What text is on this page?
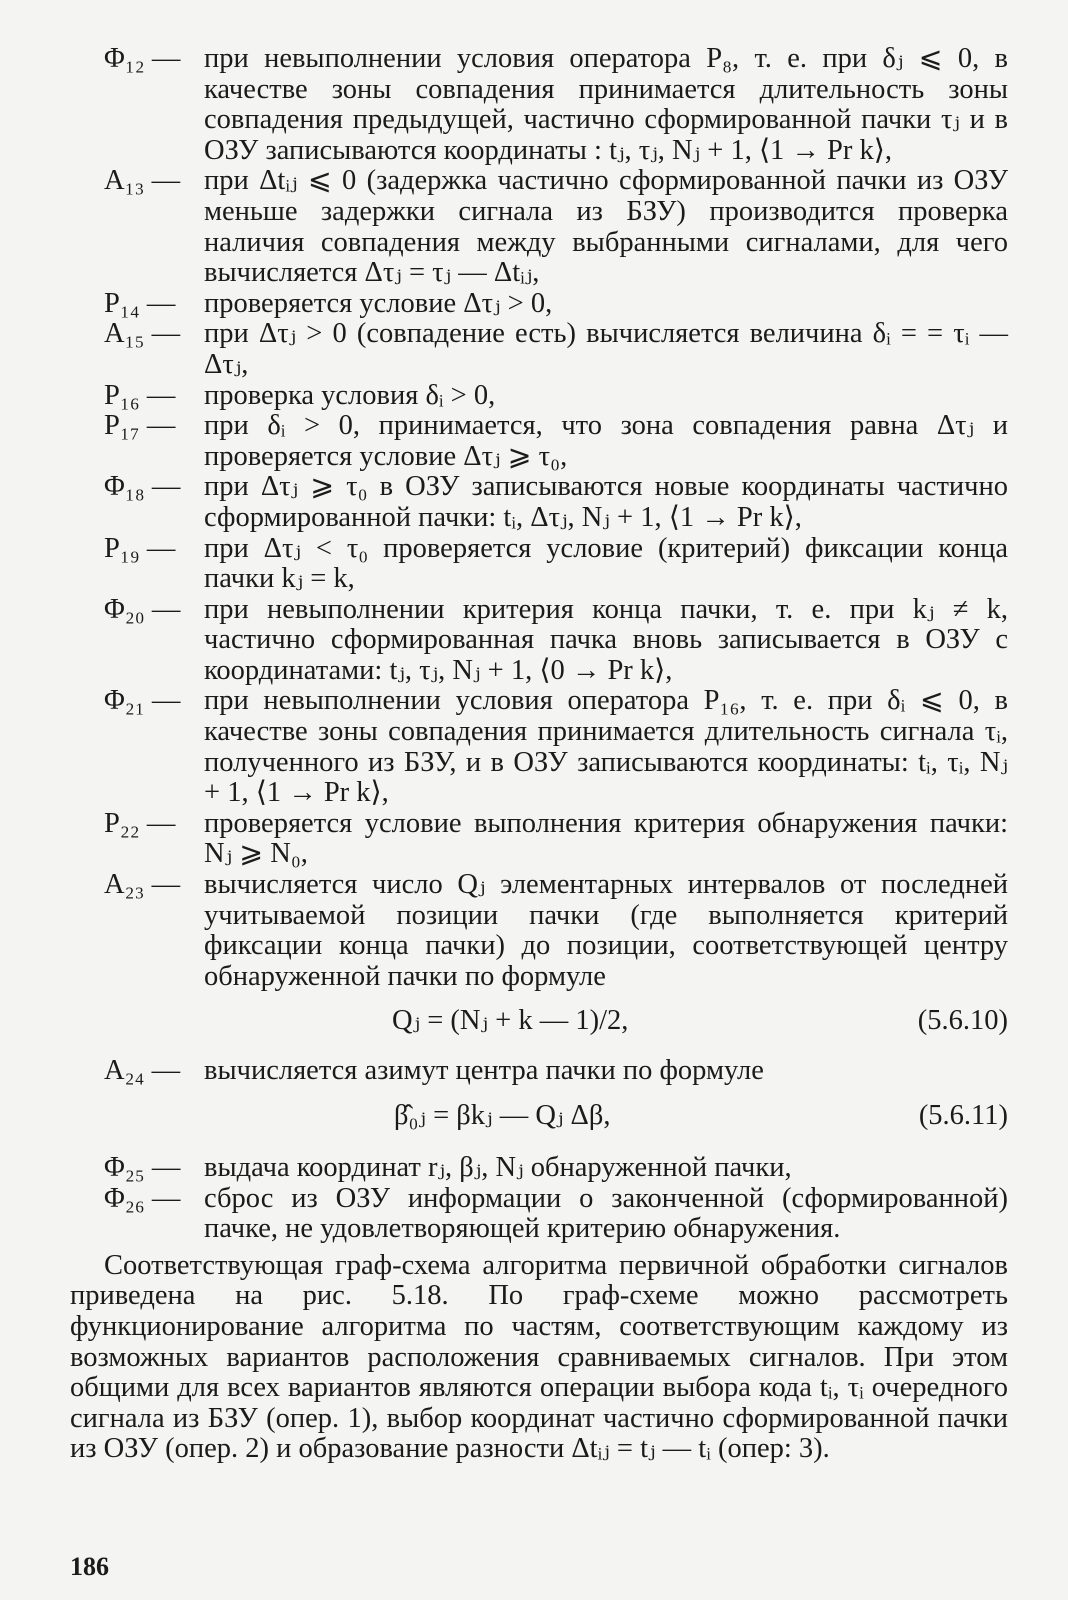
Φ₁₂ — при невыполнении условия оператора P₈, т. е. при δⱼ ⩽ 0, в качестве зоны совпадения принимается длительность зоны совпадения предыдущей, частично сформированной пачки τⱼ и в ОЗУ записываются координаты : tⱼ, τⱼ, Nⱼ + 1, ⟨1 → Pr k⟩,
A₁₃ — при Δtᵢⱼ ⩽ 0 (задержка частично сформированной пачки из ОЗУ меньше задержки сигнала из БЗУ) производится проверка наличия совпадения между выбранными сигналами, для чего вычисляется Δτⱼ = τⱼ — Δtᵢⱼ,
P₁₄ —	проверяется условие Δτⱼ > 0,
A₁₅ — при Δτⱼ > 0 (совпадение есть) вычисляется величина δᵢ = = τᵢ — Δτⱼ,
P₁₆ —	проверка условия δᵢ > 0,
P₁₇ —	при δᵢ > 0, принимается, что зона совпадения равна Δτⱼ и проверяется условие Δτⱼ ⩾ τ₀,
Φ₁₈ — при Δτⱼ ⩾ τ₀ в ОЗУ записываются новые координаты частично сформированной пачки: tᵢ, Δτⱼ, Nⱼ + 1, ⟨1 → Pr k⟩,
P₁₉ —	при Δτⱼ < τ₀ проверяется условие (критерий) фиксации конца пачки kⱼ = k,
Φ₂₀ — при невыполнении критерия конца пачки, т. е. при kⱼ ≠ k, частично сформированная пачка вновь записывается в ОЗУ с координатами: tⱼ, τⱼ, Nⱼ + 1, ⟨0 → Pr k⟩,
Φ₂₁ — при невыполнении условия оператора P₁₆, т. е. при δᵢ ⩽ 0, в качестве зоны совпадения принимается длительность сигнала τᵢ, полученного из БЗУ, и в ОЗУ записываются координаты: tᵢ, τᵢ, Nⱼ + 1, ⟨1 → Pr k⟩,
P₂₂ —	проверяется условие выполнения критерия обнаружения пачки: Nⱼ ⩾ N₀,
A₂₃ — вычисляется число Qⱼ элементарных интервалов от последней учитываемой позиции пачки (где выполняется критерий фиксации конца пачки) до позиции, соответствующей центру обнаруженной пачки по формуле
Qⱼ = (Nⱼ + k — 1)/2,	(5.6.10)
A₂₄ — вычисляется азимут центра пачки по формуле
β̂₀ⱼ = βkⱼ — Qⱼ Δβ,	(5.6.11)
Φ₂₅ — выдача координат rⱼ, βⱼ, Nⱼ обнаруженной пачки,
Φ₂₆ — сброс из ОЗУ информации о законченной (сформированной) пачке, не удовлетворяющей критерию обнаружения.

Соответствующая граф-схема алгоритма первичной обработки сигналов приведена на рис. 5.18. По граф-схеме можно рассмотреть функционирование алгоритма по частям, соответствующим каждому из возможных вариантов расположения сравниваемых сигналов. При этом общими для всех вариантов являются операции выбора кода tᵢ, τᵢ очередного сигнала из БЗУ (опер. 1), выбор координат частично сформированной пачки из ОЗУ (опер. 2) и образование разности Δtᵢⱼ = tⱼ — tᵢ (опер: 3).

186
